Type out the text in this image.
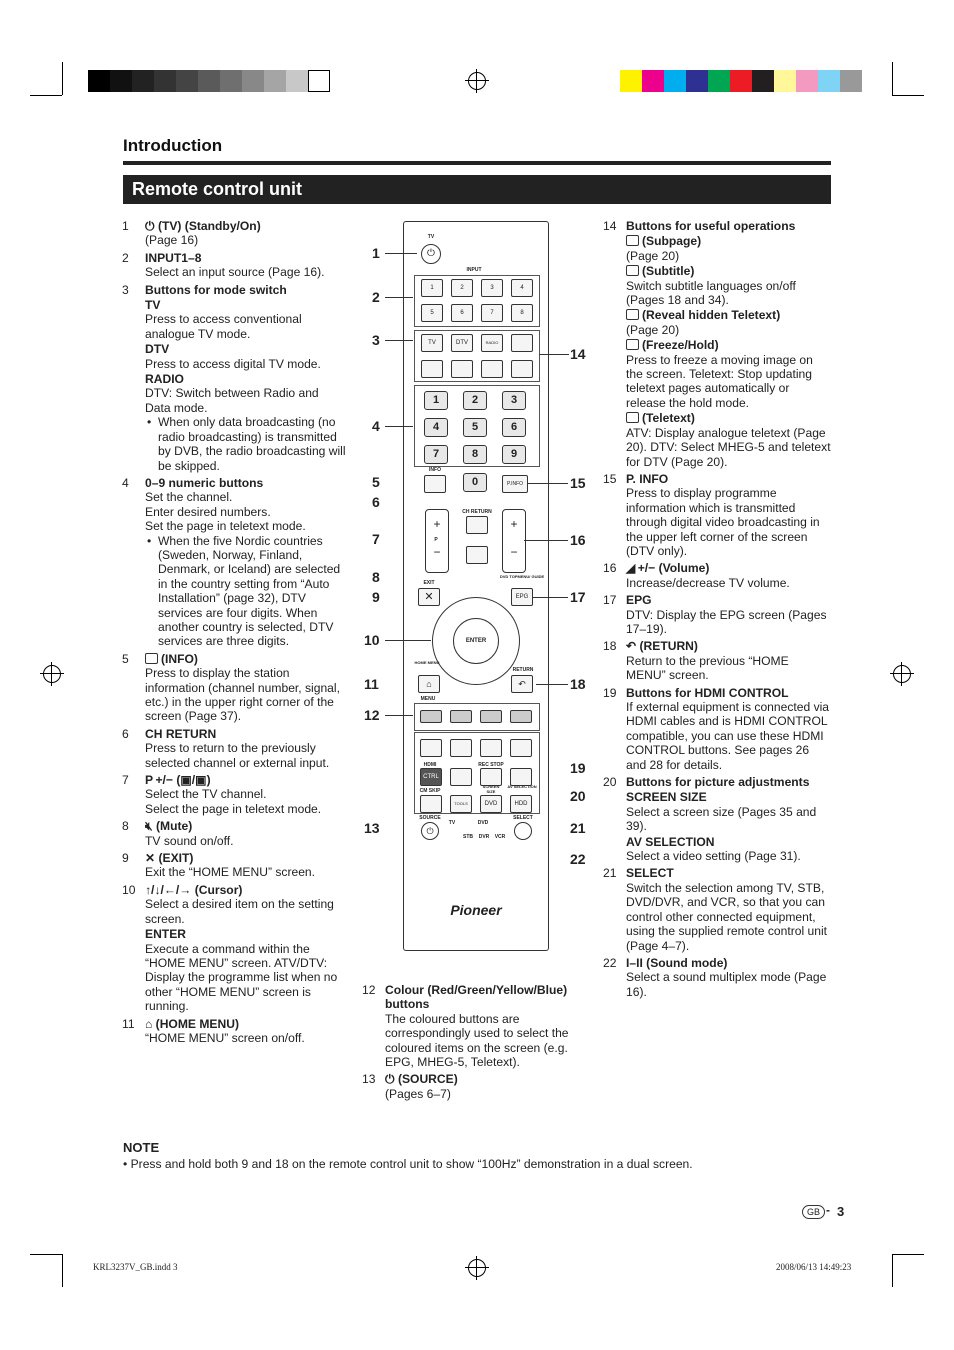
Introduction
Remote control unit
1 ⏻ (TV) (Standby/On)
(Page 16)
2 INPUT1–8
Select an input source (Page 16).
3 Buttons for mode switch
TV
Press to access conventional analogue TV mode.
DTV
Press to access digital TV mode.
RADIO
DTV: Switch between Radio and Data mode.
• When only data broadcasting (no radio broadcasting) is transmitted by DVB, the radio broadcasting will be skipped.
4 0–9 numeric buttons
Set the channel.
Enter desired numbers.
Set the page in teletext mode.
• When the five Nordic countries (Sweden, Norway, Finland, Denmark, or Iceland) are selected in the country setting from “Auto Installation” (page 32), DTV services are four digits. When another country is selected, DTV services are three digits.
5	(INFO)
Press to display the station information (channel number, signal, etc.) in the upper right corner of the screen (Page 37).
6 CH RETURN
Press to return to the previously selected channel or external input.
7 P +/− (▣/▣)
Select the TV channel.
Select the page in teletext mode.
8 🔇︎ (Mute)
TV sound on/off.
9 ✕ (EXIT)
Exit the “HOME MENU” screen.
10 ↑/↓/←/→ (Cursor)
Select a desired item on the setting screen.
ENTER
Execute a command within the “HOME MENU” screen. ATV/DTV: Display the programme list when no other “HOME MENU” screen is running.
11 ⌂ (HOME MENU)
“HOME MENU” screen on/off.
12 Colour (Red/Green/Yellow/Blue) buttons
The coloured buttons are correspondingly used to select the coloured items on the screen (e.g. EPG, MHEG-5, Teletext).
13 ⏻ (SOURCE)
(Pages 6–7)
14 Buttons for useful operations
(Subpage)
(Page 20)
(Subtitle)
Switch subtitle languages on/off (Pages 18 and 34).
(Reveal hidden Teletext)
(Page 20)
(Freeze/Hold)
Press to freeze a moving image on the screen. Teletext: Stop updating teletext pages automatically or release the hold mode.
(Teletext)
ATV: Display analogue teletext (Page 20). DTV: Select MHEG-5 and teletext for DTV (Page 20).
15 P. INFO
Press to display programme information which is transmitted through digital video broadcasting in the upper left corner of the screen (DTV only).
16 ◢ +/− (Volume)
Increase/decrease TV volume.
17 EPG
DTV: Display the EPG screen (Pages 17–19).
18 ↶ (RETURN)
Return to the previous “HOME MENU” screen.
19 Buttons for HDMI CONTROL
If external equipment is connected via HDMI cables and is HDMI CONTROL compatible, you can use these HDMI CONTROL buttons. See pages 26 and 28 for details.
20 Buttons for picture adjustments
SCREEN SIZE
Select a screen size (Pages 35 and 39).
AV SELECTION
Select a video setting (Page 31).
21 SELECT
Switch the selection among TV, STB, DVD/DVR, and VCR, so that you can control other connected equipment, using the supplied remote control unit (Page 4–7).
22 I–II (Sound mode)
Select a sound multiplex mode (Page 16).
TV
⏻
INPUT
1	2	3	4
5	6	7	8
TV	DTV	RADIO
1	2	3
4	5	6
7	8	9
INFO
0	P.INFO
CH RETURN
+
−
P
+
−
EXIT
✕
DVD TOPMENU/ GUIDE
EPG
ENTER
HOME MENU
⌂
MENU
RETURN
↶
HDMI
CTRL
REC STOP
CM SKIP
TOOLS	DVD	HDD
SCREEN SIZE
AV SELECTION
SOURCE
⏻
SELECT
TV	DVD
STB	DVR	VCR
Pioneer
1
2
3
4
5
6
7
8
9
10
11
12
13
14
15
16
17
18
19
20
21
22
NOTE
• Press and hold both 9 and 18 on the remote control unit to show “100Hz” demonstration in a dual screen.
GB - 3
KRL3237V_GB.indd 3	2008/06/13 14:49:23
